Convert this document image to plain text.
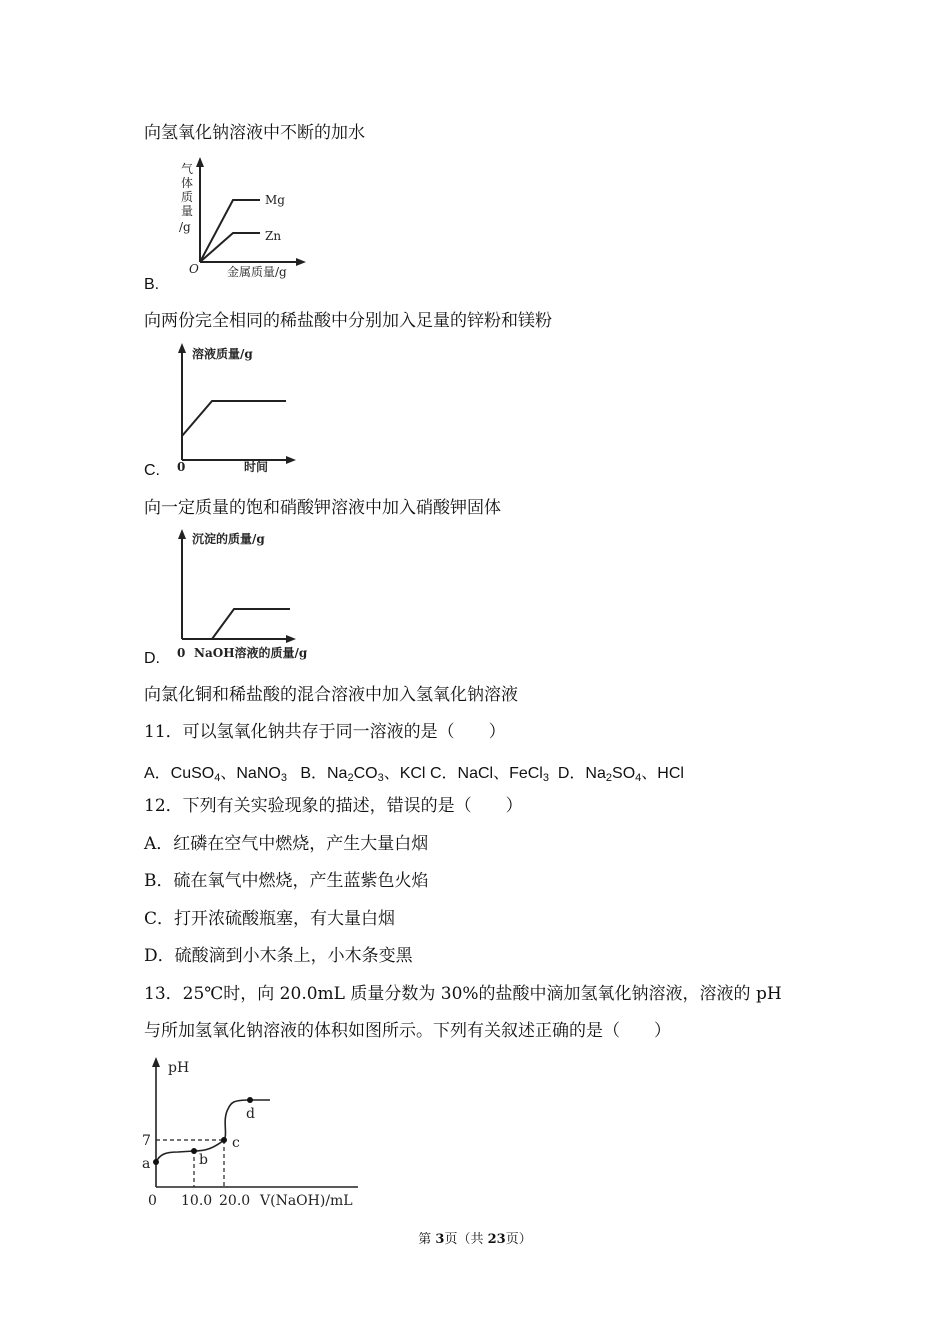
向氢氧化钠溶液中不断的加水
气
体
质
量
/g
Mg
Zn
O 金属质量/g
B.
向两份完全相同的稀盐酸中分别加入足量的锌粉和镁粉
溶液质量/g
0	时间
C.
向一定质量的饱和硝酸钾溶液中加入硝酸钾固体
沉淀的质量/g
0 NaOH溶液的质量/g
D.
向氯化铜和稀盐酸的混合溶液中加入氢氧化钠溶液
11．可以氢氧化钠共存于同一溶液的是（　　）
A．CuSO$_4$、NaNO$_3$ B．$Na_2CO_3$、KCl C．NaCl、FeCl$_3$ D．$Na_2SO_4$、HCl
12．下列有关实验现象的描述，错误的是（　　）
A．红磷在空气中燃烧，产生大量白烟
B．硫在氧气中燃烧，产生蓝紫色火焰
C．打开浓硫酸瓶塞，有大量白烟
D．硫酸滴到小木条上，小木条变黑
13．25℃时，向 20.0mL 质量分数为 30%的盐酸中滴加氢氧化钠溶液，溶液的 pH
与所加氢氧化钠溶液的体积如图所示。下列有关叙述正确的是（　　）
pH
a	b
c
d
7
0 10.0 20.0 V(NaOH)/mL
第 3页（共 23页）
